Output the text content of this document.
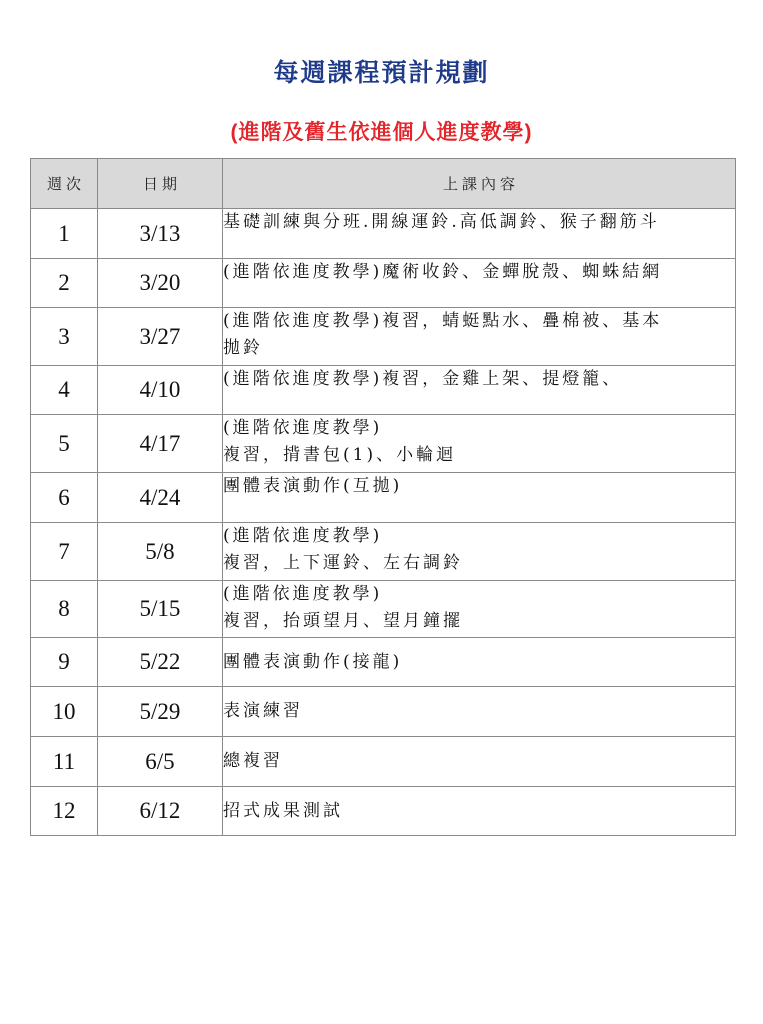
每週課程預計規劃
(進階及舊生依進個人進度教學)
週次	日期	上課內容
1	3/13	基礎訓練與分班.開線運鈴.高低調鈴、猴子翻筋斗

2	3/20	(進階依進度教學)魔術收鈴、金蟬脫殼、蜘蛛結網

3	3/27	(進階依進度教學)複習，蜻蜓點水、疊棉被、基本
拋鈴

4	4/10	(進階依進度教學)複習，金雞上架、提燈籠、

5	4/17	(進階依進度教學)
複習，揹書包(1)、小輪迴

6	4/24	團體表演動作(互拋)

7	5/8	(進階依進度教學)
複習，上下運鈴、左右調鈴

8	5/15	(進階依進度教學)
複習，抬頭望月、望月鐘擺

9	5/22	團體表演動作(接龍)

10	5/29	表演練習

11	6/5	總複習

12	6/12	招式成果測試
